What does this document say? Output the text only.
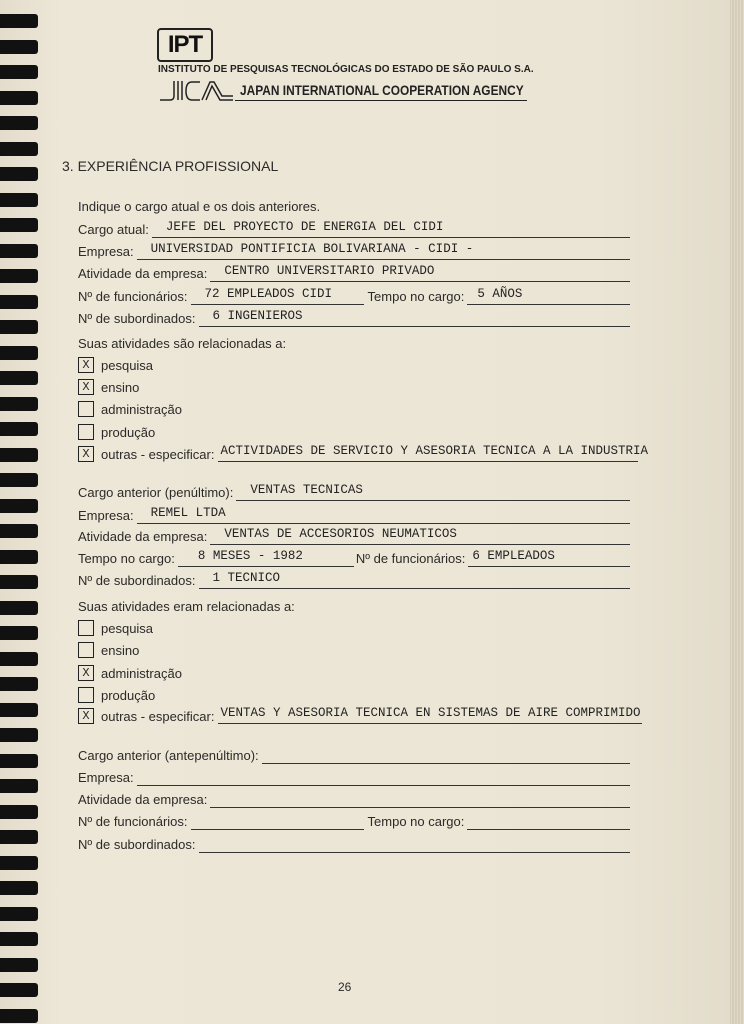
IPT
INSTITUTO DE PESQUISAS TECNOLÓGICAS DO ESTADO DE SÃO PAULO S.A.
JAPAN INTERNATIONAL COOPERATION AGENCY
3. EXPERIÊNCIA PROFISSIONAL
Indique o cargo atual e os dois anteriores.
Cargo atual: JEFE DEL PROYECTO DE ENERGIA DEL CIDI
Empresa: UNIVERSIDAD PONTIFICIA BOLIVARIANA - CIDI -
Atividade da empresa: CENTRO UNIVERSITARIO PRIVADO
Nº de funcionários: 72 EMPLEADOS CIDI	Tempo no cargo: 5 AÑOS
Nº de subordinados: 6 INGENIEROS
Suas atividades são relacionadas a:
X pesquisa
X ensino
administração
produção
X outras - especificar: ACTIVIDADES DE SERVICIO Y ASESORIA TECNICA A LA INDUSTRIA
Cargo anterior (penúltimo): VENTAS TECNICAS
Empresa: REMEL LTDA
Atividade da empresa: VENTAS DE ACCESORIOS NEUMATICOS
Tempo no cargo: 8 MESES - 1982	Nº de funcionários: 6 EMPLEADOS
Nº de subordinados: 1 TECNICO
Suas atividades eram relacionadas a:
pesquisa
ensino
X administração
produção
X outras - especificar: VENTAS Y ASESORIA TECNICA EN SISTEMAS DE AIRE COMPRIMIDO
Cargo anterior (antepenúltimo):
Empresa:
Atividade da empresa:
Nº de funcionários:	Tempo no cargo:
Nº de subordinados:
26
